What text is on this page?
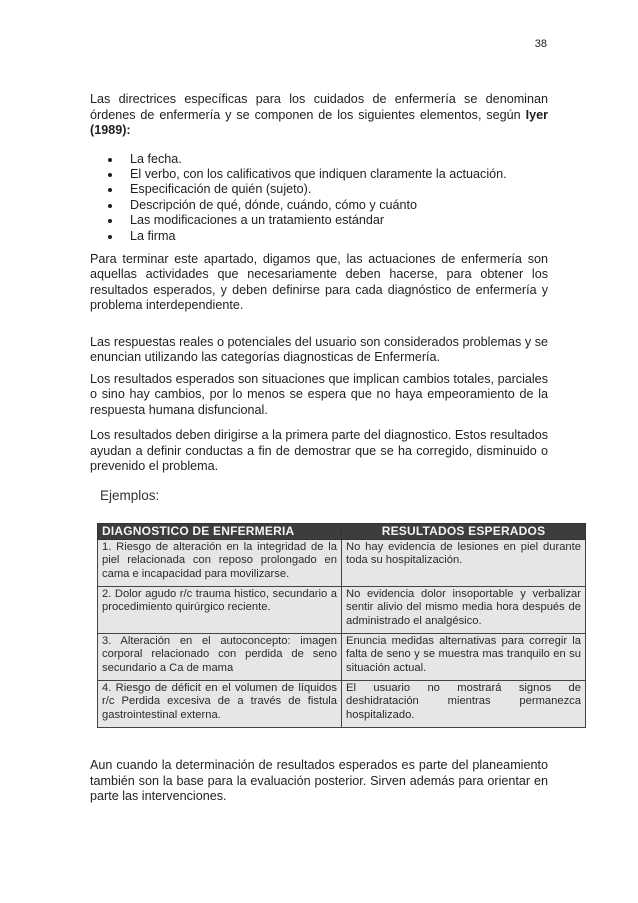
38

Las directrices específicas para los cuidados de enfermería se denominan órdenes de enfermería y se componen de los siguientes elementos, según Iyer (1989):

La fecha.
El verbo, con los calificativos que indiquen claramente la actuación.
Especificación de quién (sujeto).
Descripción de qué, dónde, cuándo, cómo y cuánto
Las modificaciones a un tratamiento estándar
La firma

Para terminar este apartado, digamos que, las actuaciones de enfermería son aquellas actividades que necesariamente deben hacerse, para obtener los resultados esperados, y deben definirse para cada diagnóstico de enfermería y problema interdependiente.

Las respuestas reales o potenciales del usuario son considerados problemas y se enuncian utilizando las categorías diagnosticas de Enfermería.

Los resultados esperados son situaciones que implican cambios totales, parciales o sino hay cambios, por lo menos se espera que no haya empeoramiento de la respuesta humana disfuncional.

Los resultados deben dirigirse a la primera parte del diagnostico. Estos resultados ayudan a definir conductas a fin de demostrar que se ha corregido, disminuido o prevenido el problema.

Ejemplos:
DIAGNOSTICO DE ENFERMERIA	RESULTADOS ESPERADOS
1. Riesgo de alteración en la integridad de la piel relacionada con reposo prolongado en cama e incapacidad para movilizarse.	No hay evidencia de lesiones en piel durante toda su hospitalización.
2. Dolor agudo r/c trauma histico, secundario a procedimiento quirúrgico reciente.	No evidencia dolor insoportable y verbalizar sentir alivio del mismo media hora después de administrado el analgésico.
3. Alteración en el autoconcepto: imagen corporal relacionado con perdida de seno secundario a Ca de mama	Enuncia medidas alternativas para corregir la falta de seno y se muestra mas tranquilo en su situación actual.
4. Riesgo de déficit en el volumen de líquidos r/c Perdida excesiva de a través de fistula gastrointestinal externa.	El usuario no mostrará signos de deshidratación mientras permanezca hospitalizado.

Aun cuando la determinación de resultados esperados es parte del planeamiento también son la base para la evaluación posterior. Sirven además para orientar en parte las intervenciones.
